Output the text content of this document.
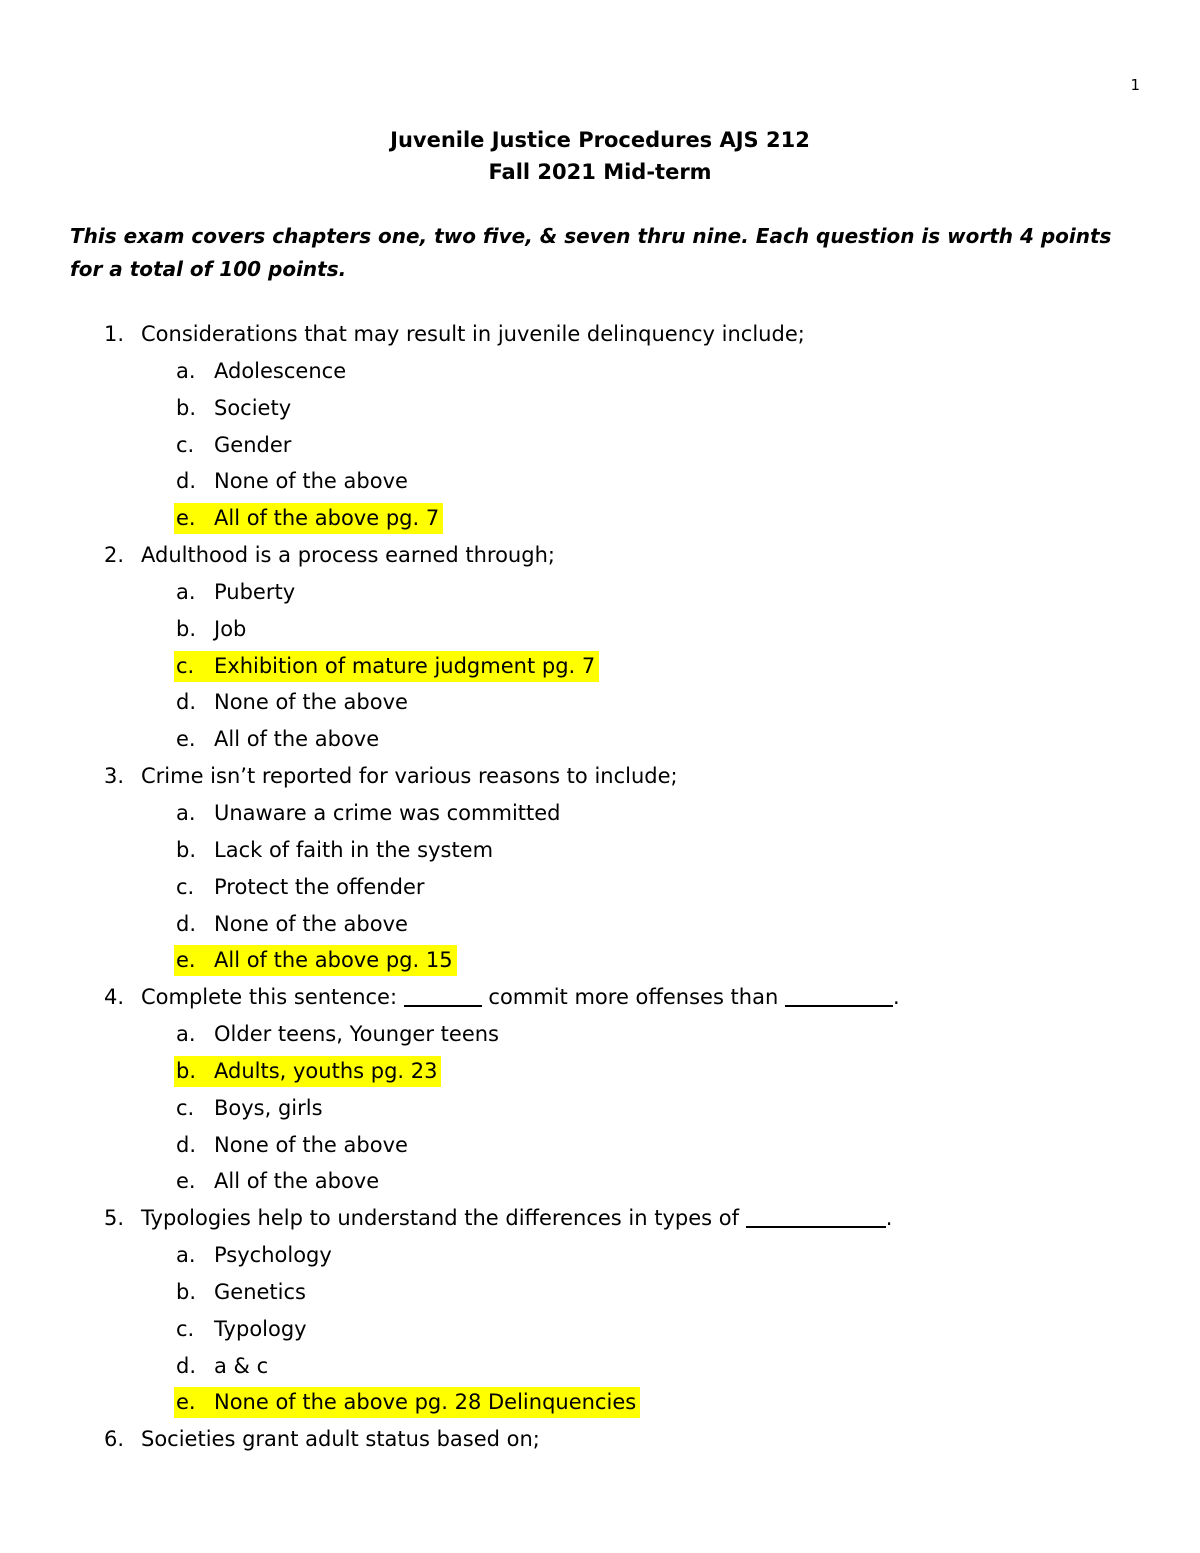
1
Juvenile Justice Procedures AJS 212
Fall 2021 Mid-term
This exam covers chapters one, two five, & seven thru nine. Each question is worth 4 points for a total of 100 points.
1. Considerations that may result in juvenile delinquency include;
a. Adolescence
b. Society
c. Gender
d. None of the above
e. All of the above pg. 7
2. Adulthood is a process earned through;
a. Puberty
b. Job
c. Exhibition of mature judgment pg. 7
d. None of the above
e. All of the above
3. Crime isn’t reported for various reasons to include;
a. Unaware a crime was committed
b. Lack of faith in the system
c. Protect the offender
d. None of the above
e. All of the above pg. 15
4. Complete this sentence:	commit more offenses than	.
a. Older teens, Younger teens
b. Adults, youths pg. 23
c. Boys, girls
d. None of the above
e. All of the above
5. Typologies help to understand the differences in types of	.
a. Psychology
b. Genetics
c. Typology
d. a & c
e. None of the above pg. 28 Delinquencies
6. Societies grant adult status based on;
